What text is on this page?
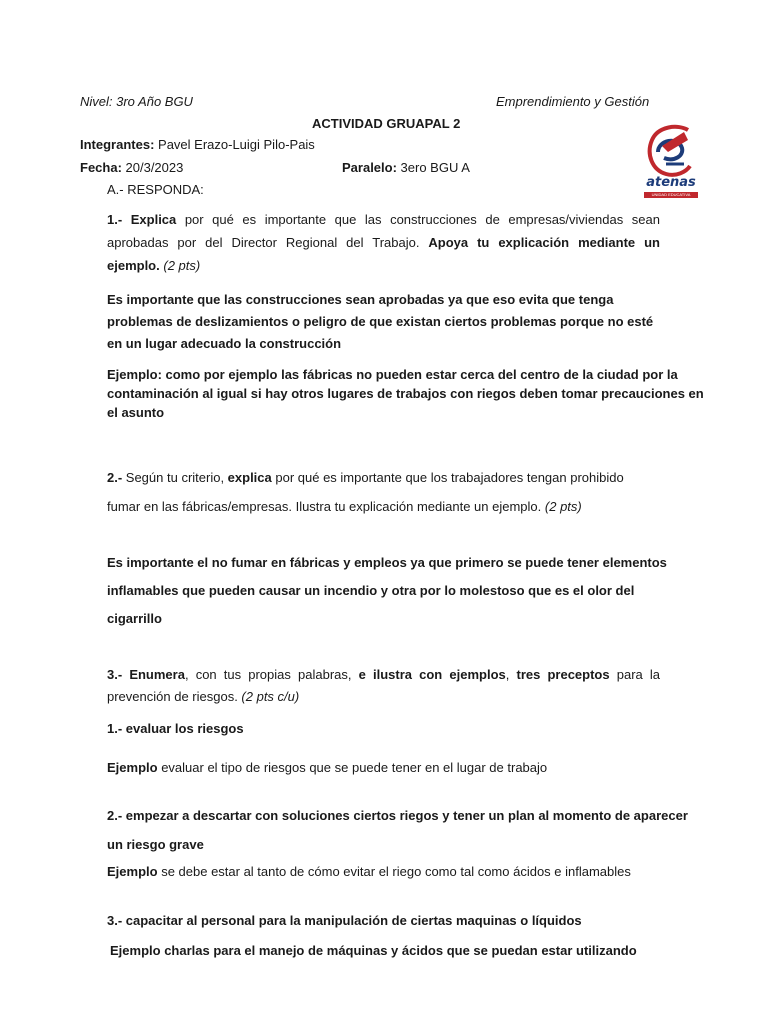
Nivel: 3ro Año BGU	Emprendimiento y Gestión
ACTIVIDAD GRUAPAL 2
Integrantes: Pavel Erazo-Luigi Pilo-Pais
Fecha: 20/3/2023	Paralelo: 3ero BGU A
atenas
UNIDAD EDUCATIVA
A.- RESPONDA:
1.- Explica por qué es importante que las construcciones de empresas/viviendas sean
aprobadas por del Director Regional del Trabajo. Apoya tu explicación mediante un
ejemplo. (2 pts)
Es importante que las construcciones sean aprobadas ya que eso evita que tenga
problemas de deslizamientos o peligro de que existan ciertos problemas porque no esté
en un lugar adecuado la construcción
Ejemplo: como por ejemplo las fábricas no pueden estar cerca del centro de la ciudad por la
contaminación al igual si hay otros lugares de trabajos con riegos deben tomar precauciones en
el asunto
2.- Según tu criterio, explica por qué es importante que los trabajadores tengan prohibido
fumar en las fábricas/empresas. Ilustra tu explicación mediante un ejemplo. (2 pts)
Es importante el no fumar en fábricas y empleos ya que primero se puede tener elementos
inflamables que pueden causar un incendio y otra por lo molestoso que es el olor del
cigarrillo
3.- Enumera, con tus propias palabras, e ilustra con ejemplos, tres preceptos para la
prevención de riesgos. (2 pts c/u)
1.- evaluar los riesgos
Ejemplo evaluar el tipo de riesgos que se puede tener en el lugar de trabajo
2.- empezar a descartar con soluciones ciertos riegos y tener un plan al momento de aparecer
un riesgo grave
Ejemplo se debe estar al tanto de cómo evitar el riego como tal como ácidos e inflamables
3.- capacitar al personal para la manipulación de ciertas maquinas o líquidos
Ejemplo charlas para el manejo de máquinas y ácidos que se puedan estar utilizando
